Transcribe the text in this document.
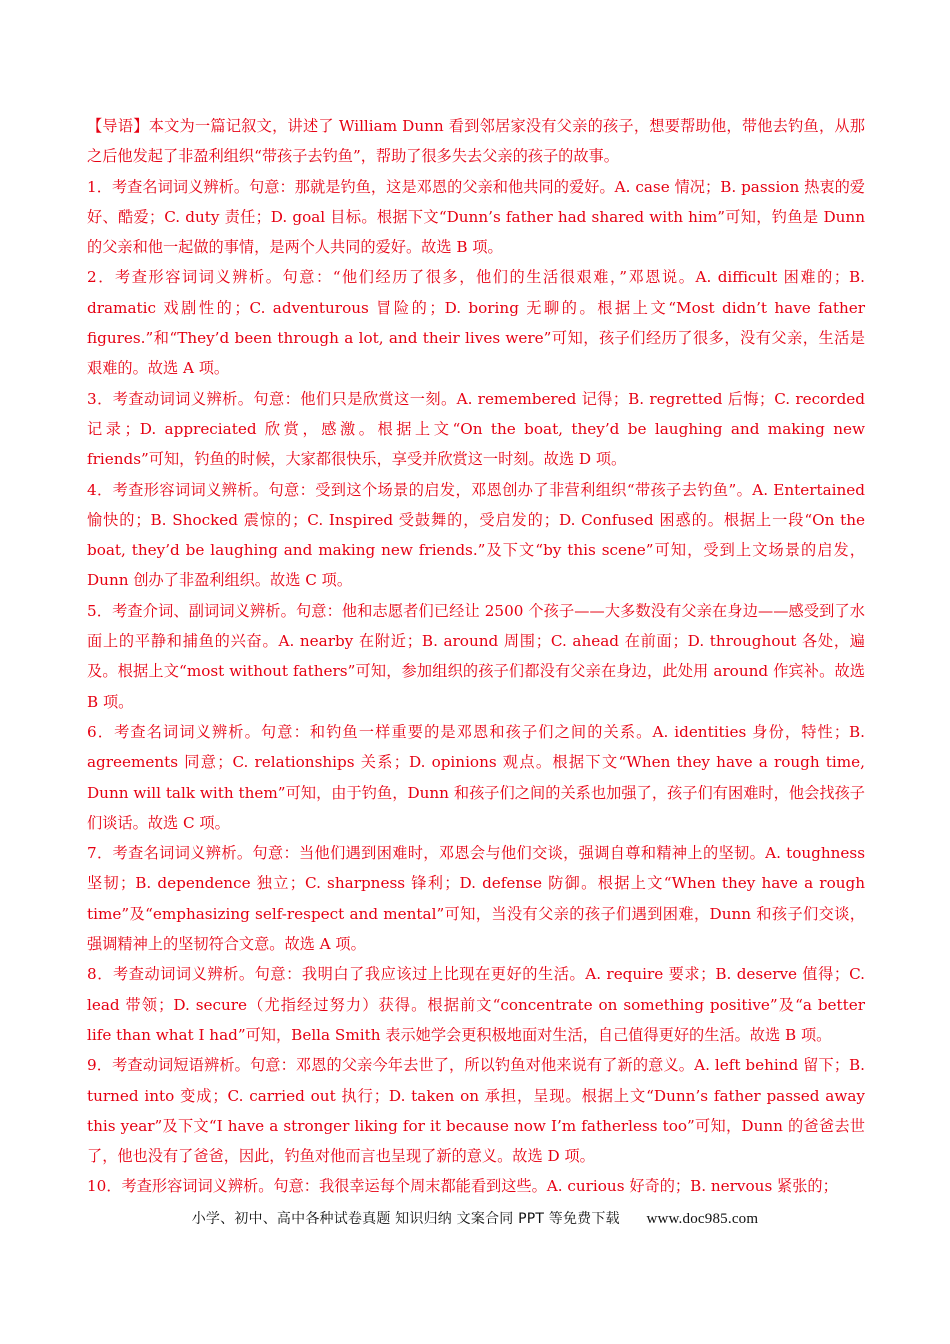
【导语】本文为一篇记叙文，讲述了 William Dunn 看到邻居家没有父亲的孩子，想要帮助他，带他去钓鱼，从那之后他发起了非盈利组织“带孩子去钓鱼”，帮助了很多失去父亲的孩子的故事。

1．考查名词词义辨析。句意：那就是钓鱼，这是邓恩的父亲和他共同的爱好。A. case 情况；B. passion 热衷的爱好、酷爱；C. duty 责任；D. goal 目标。根据下文“Dunn’s father had shared with him”可知，钓鱼是 Dunn 的父亲和他一起做的事情，是两个人共同的爱好。故选 B 项。

2．考查形容词词义辨析。句意：“他们经历了很多，他们的生活很艰难，”邓恩说。A. difficult 困难的；B. dramatic 戏剧性的；C. adventurous 冒险的；D. boring 无聊的。根据上文“Most didn’t have father figures.”和“They’d been through a lot, and their lives were”可知，孩子们经历了很多，没有父亲，生活是艰难的。故选 A 项。

3．考查动词词义辨析。句意：他们只是欣赏这一刻。A. remembered 记得；B. regretted 后悔；C. recorded 记录；D. appreciated 欣赏，感激。根据上文“On the boat, they’d be laughing and making new friends”可知，钓鱼的时候，大家都很快乐，享受并欣赏这一时刻。故选 D 项。

4．考查形容词词义辨析。句意：受到这个场景的启发，邓恩创办了非营利组织“带孩子去钓鱼”。A. Entertained 愉快的；B. Shocked 震惊的；C. Inspired 受鼓舞的，受启发的；D. Confused 困惑的。根据上一段“On the boat, they’d be laughing and making new friends.”及下文“by this scene”可知，受到上文场景的启发，Dunn 创办了非盈利组织。故选 C 项。

5．考查介词、副词词义辨析。句意：他和志愿者们已经让 2500 个孩子——大多数没有父亲在身边——感受到了水面上的平静和捕鱼的兴奋。A. nearby 在附近；B. around 周围；C. ahead 在前面；D. throughout 各处，遍及。根据上文“most without fathers”可知，参加组织的孩子们都没有父亲在身边，此处用 around 作宾补。故选 B 项。

6．考查名词词义辨析。句意：和钓鱼一样重要的是邓恩和孩子们之间的关系。A. identities 身份，特性；B. agreements 同意；C. relationships 关系；D. opinions 观点。根据下文“When they have a rough time, Dunn will talk with them”可知，由于钓鱼，Dunn 和孩子们之间的关系也加强了，孩子们有困难时，他会找孩子们谈话。故选 C 项。

7．考查名词词义辨析。句意：当他们遇到困难时，邓恩会与他们交谈，强调自尊和精神上的坚韧。A. toughness 坚韧；B. dependence 独立；C. sharpness 锋利；D. defense 防御。根据上文“When they have a rough time”及“emphasizing self-respect and mental”可知，当没有父亲的孩子们遇到困难，Dunn 和孩子们交谈，强调精神上的坚韧符合文意。故选 A 项。

8．考查动词词义辨析。句意：我明白了我应该过上比现在更好的生活。A. require 要求；B. deserve 值得；C. lead 带领；D. secure（尤指经过努力）获得。根据前文“concentrate on something positive”及“a better life than what I had”可知，Bella Smith 表示她学会更积极地面对生活，自己值得更好的生活。故选 B 项。

9．考查动词短语辨析。句意：邓恩的父亲今年去世了，所以钓鱼对他来说有了新的意义。A. left behind 留下；B. turned into 变成；C. carried out 执行；D. taken on 承担，呈现。根据上文“Dunn’s father passed away this year”及下文“I have a stronger liking for it because now I’m fatherless too”可知，Dunn 的爸爸去世了，他也没有了爸爸，因此，钓鱼对他而言也呈现了新的意义。故选 D 项。

10．考查形容词词义辨析。句意：我很幸运每个周末都能看到这些。A. curious 好奇的；B. nervous 紧张的；

小学、初中、高中各种试卷真题 知识归纳 文案合同 PPT 等免费下载 www.doc985.com
